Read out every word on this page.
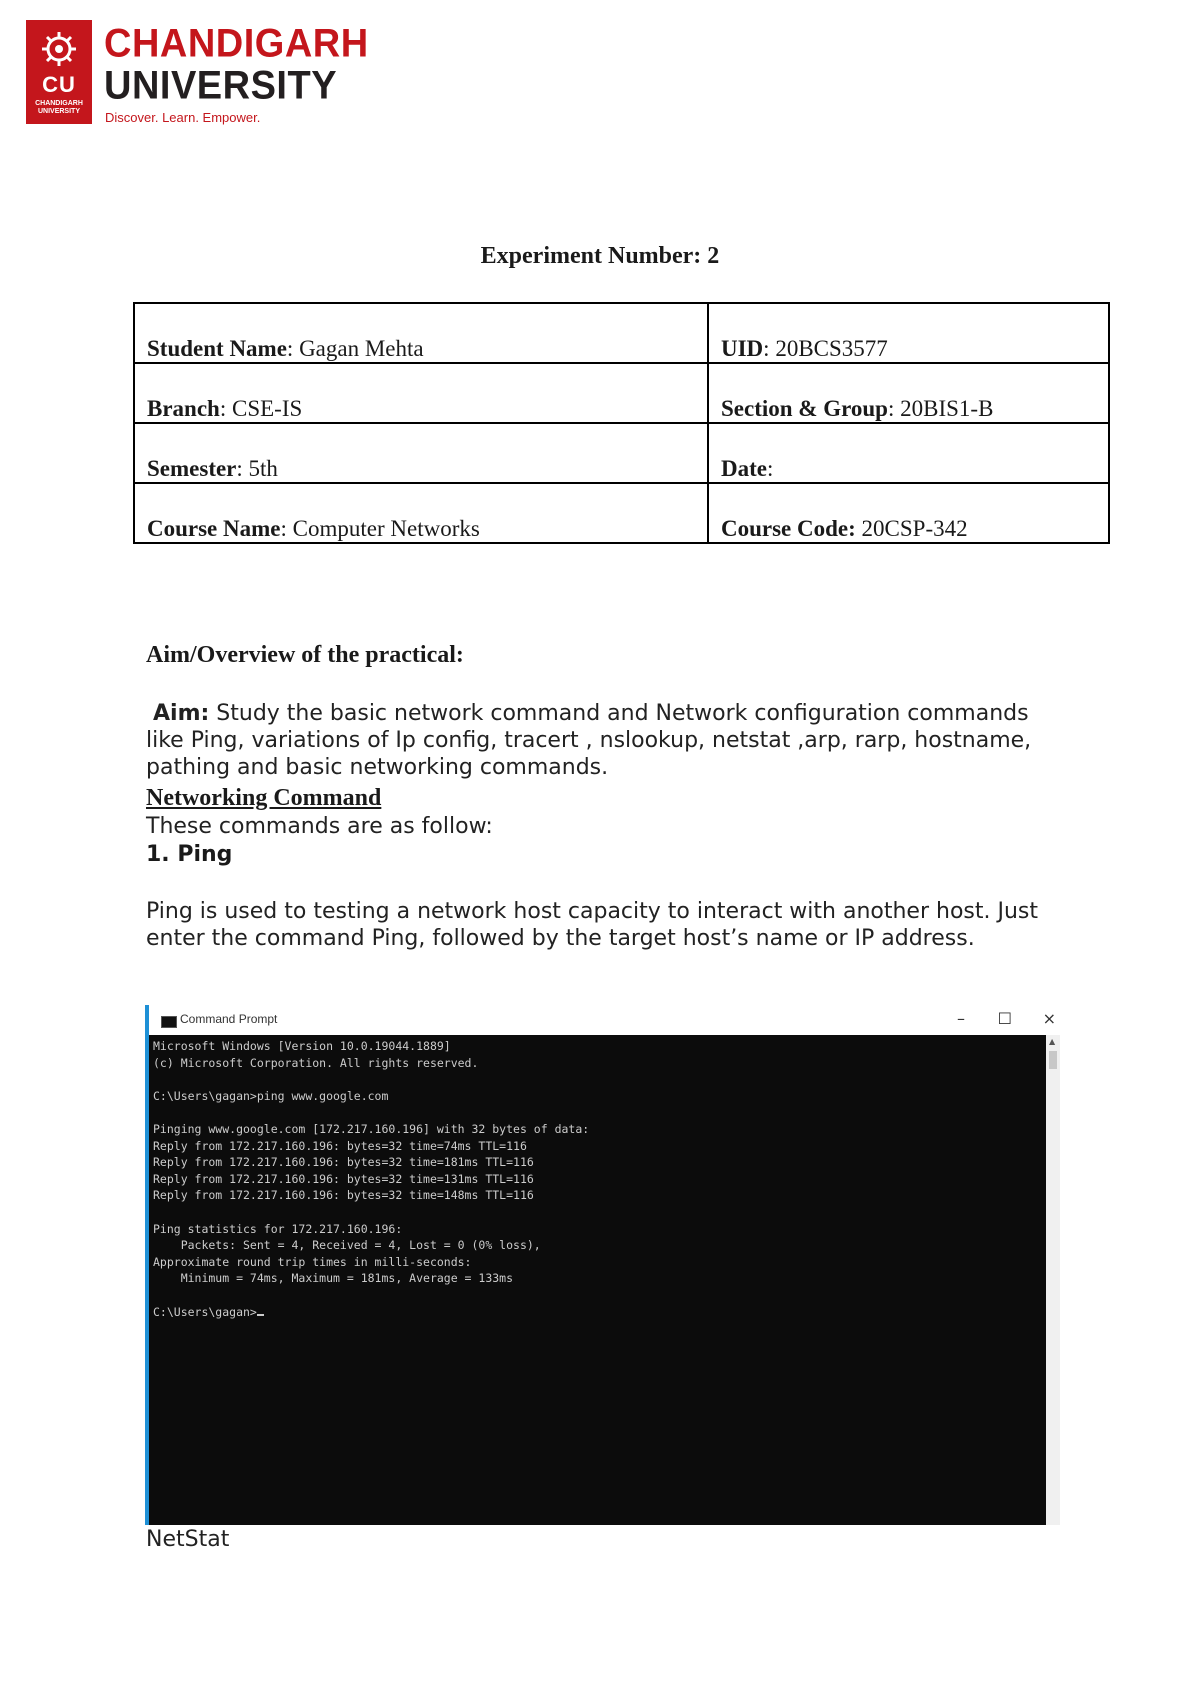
CU
CHANDIGARH
UNIVERSITY
CHANDIGARH
UNIVERSITY
Discover. Learn. Empower.
Experiment Number: 2
Student Name: Gagan Mehta	UID: 20BCS3577
Branch: CSE-IS	Section & Group: 20BIS1-B
Semester: 5th	Date:
Course Name: Computer Networks	Course Code: 20CSP-342
Aim/Overview of the practical:
Aim: Study the basic network command and Network configuration commands like Ping, variations of Ip config, tracert , nslookup, netstat ,arp, rarp, hostname, pathing and basic networking commands.
Networking Command
These commands are as follow:
1. Ping
Ping is used to testing a network host capacity to interact with another host. Just enter the command Ping, followed by the target host’s name or IP address.
Command Prompt	– ☐ ×
Microsoft Windows [Version 10.0.19044.1889]
(c) Microsoft Corporation. All rights reserved.

C:\Users\gagan>ping www.google.com

Pinging www.google.com [172.217.160.196] with 32 bytes of data:
Reply from 172.217.160.196: bytes=32 time=74ms TTL=116
Reply from 172.217.160.196: bytes=32 time=181ms TTL=116
Reply from 172.217.160.196: bytes=32 time=131ms TTL=116
Reply from 172.217.160.196: bytes=32 time=148ms TTL=116

Ping statistics for 172.217.160.196:
Packets: Sent = 4, Received = 4, Lost = 0 (0% loss),
Approximate round trip times in milli-seconds:
Minimum = 74ms, Maximum = 181ms, Average = 133ms

C:\Users\gagan>
▲
NetStat
